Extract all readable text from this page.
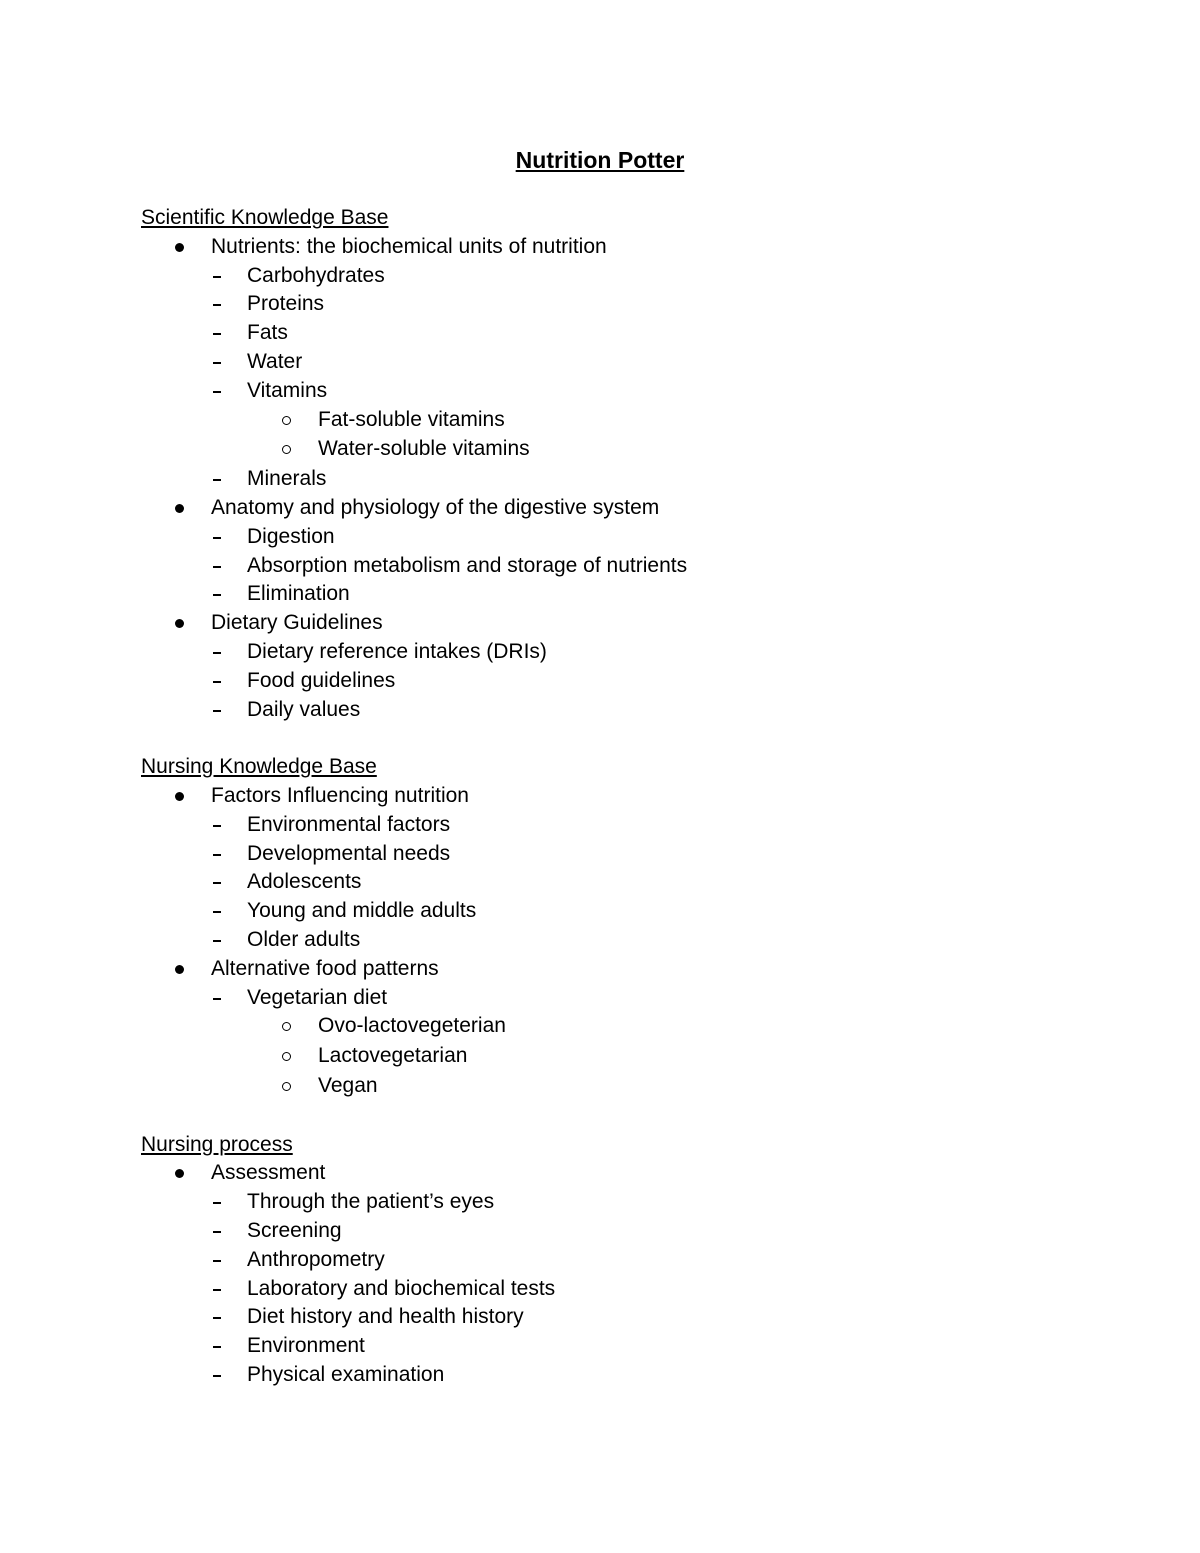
Nutrition Potter
Scientific Knowledge Base
Nutrients: the biochemical units of nutrition
Carbohydrates
Proteins
Fats
Water
Vitamins
Fat-soluble vitamins
Water-soluble vitamins
Minerals
Anatomy and physiology of the digestive system
Digestion
Absorption metabolism and storage of nutrients
Elimination
Dietary Guidelines
Dietary reference intakes (DRIs)
Food guidelines
Daily values
Nursing Knowledge Base
Factors Influencing nutrition
Environmental factors
Developmental needs
Adolescents
Young and middle adults
Older adults
Alternative food patterns
Vegetarian diet
Ovo-lactovegeterian
Lactovegetarian
Vegan
Nursing process
Assessment
Through the patient’s eyes
Screening
Anthropometry
Laboratory and biochemical tests
Diet history and health history
Environment
Physical examination
